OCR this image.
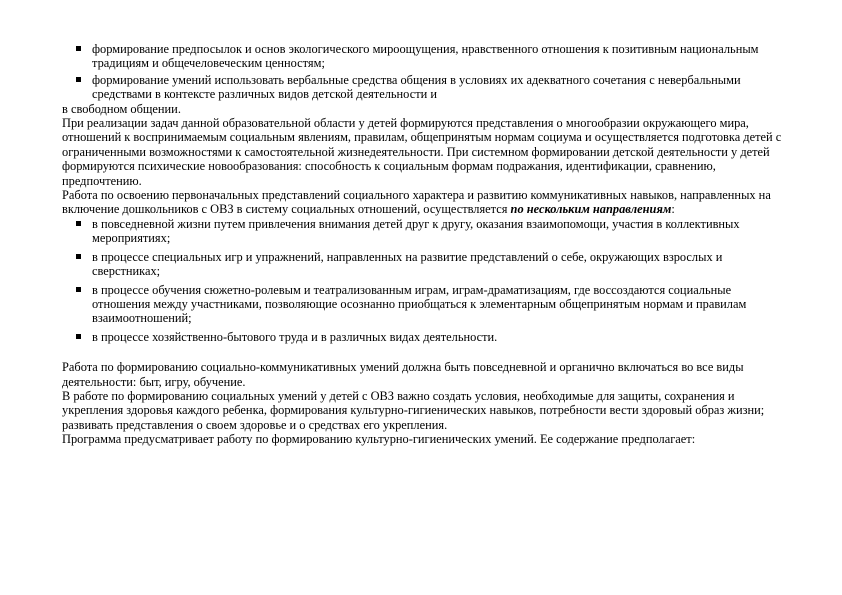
формирование предпосылок и основ экологического мироощущения, нравственного отношения к позитивным национальным традициям и общечеловеческим ценностям;
формирование умений использовать вербальные средства общения в условиях их адекватного сочетания с невербальными средствами в контексте различных видов детской деятельности и

в свободном общении.

При реализации задач данной образовательной области у детей формируются представления о многообразии окружающего мира, отношений к воспринимаемым социальным явлениям, правилам, общепринятым нормам социума и осуществляется подготовка детей с ограниченными возможностями к самостоятельной жизнедеятельности. При системном формировании детской деятельности у детей формируются психические новообразования: способность к социальным формам подражания, идентификации, сравнению, предпочтению.

Работа по освоению первоначальных представлений социального характера и развитию коммуникативных навыков, направленных на включение дошкольников с ОВЗ в систему социальных отношений, осуществляется по нескольким направлениям:

в повседневной жизни путем привлечения внимания детей друг к другу, оказания взаимопомощи, участия в коллективных мероприятиях;
в процессе специальных игр и упражнений, направленных на развитие представлений о себе, окружающих взрослых и сверстниках;
в процессе обучения сюжетно-ролевым и театрализованным играм, играм-драматизациям, где воссоздаются социальные отношения между участниками, позволяющие осознанно приобщаться к элементарным общепринятым нормам и правилам взаимоотношений;
в процессе хозяйственно-бытового труда и в различных видах деятельности.

Работа по формированию социально-коммуникативных умений должна быть повседневной и органично включаться во все виды деятельности: быт, игру, обучение.

В работе по формированию социальных умений у детей с ОВЗ важно создать условия, необходимые для защиты, сохранения и укрепления здоровья каждого ребенка, формирования культурно-гигиенических навыков, потребности вести здоровый образ жизни; развивать представления о своем здоровье и о средствах его укрепления.

Программа предусматривает работу по формированию культурно-гигиенических умений. Ее содержание предполагает:
